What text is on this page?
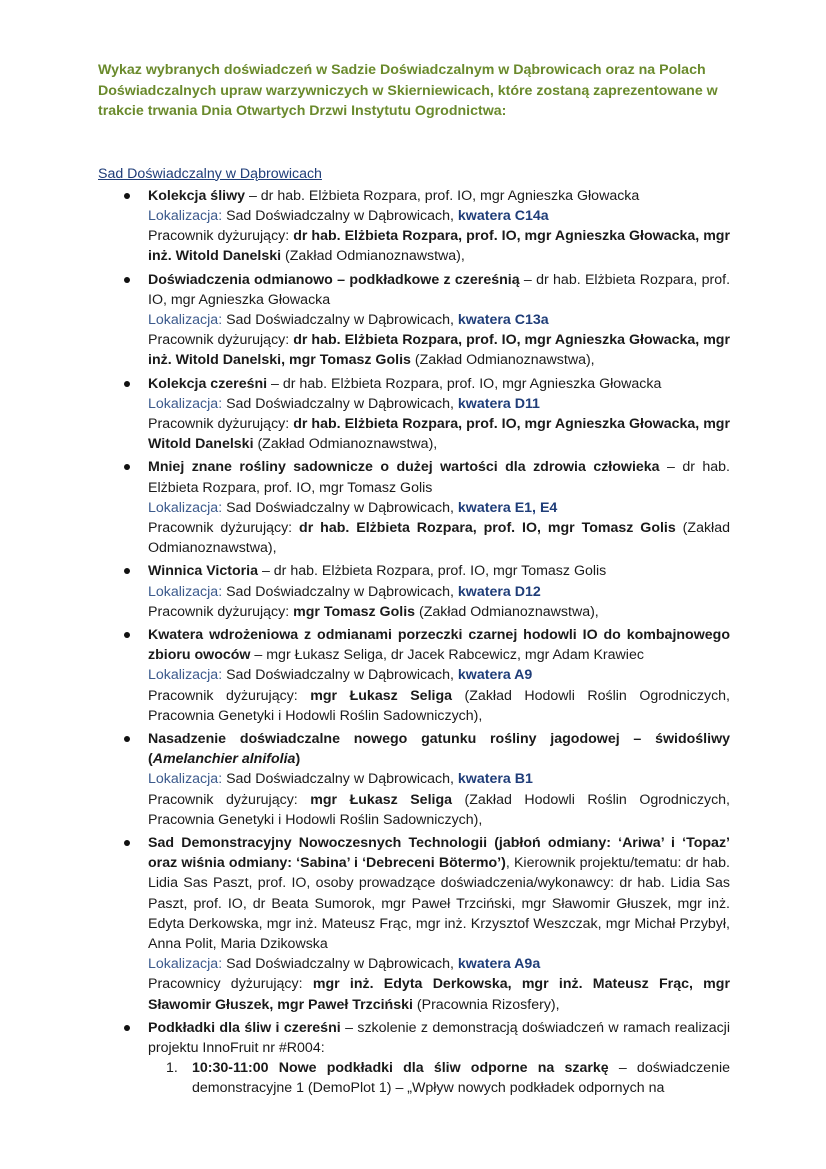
Wykaz wybranych doświadczeń w Sadzie Doświadczalnym w Dąbrowicach oraz na Polach Doświadczalnych upraw warzywniczych w Skierniewicach, które zostaną zaprezentowane w trakcie trwania Dnia Otwartych Drzwi Instytutu Ogrodnictwa:

Sad Doświadczalny w Dąbrowicach

Kolekcja śliwy – dr hab. Elżbieta Rozpara, prof. IO, mgr Agnieszka Głowacka
Lokalizacja: Sad Doświadczalny w Dąbrowicach, kwatera C14a
Pracownik dyżurujący: dr hab. Elżbieta Rozpara, prof. IO, mgr Agnieszka Głowacka, mgr inż. Witold Danelski (Zakład Odmianoznawstwa),
Doświadczenia odmianowo – podkładkowe z czereśnią – dr hab. Elżbieta Rozpara, prof. IO, mgr Agnieszka Głowacka
Lokalizacja: Sad Doświadczalny w Dąbrowicach, kwatera C13a
Pracownik dyżurujący: dr hab. Elżbieta Rozpara, prof. IO, mgr Agnieszka Głowacka, mgr inż. Witold Danelski, mgr Tomasz Golis (Zakład Odmianoznawstwa),
Kolekcja czereśni – dr hab. Elżbieta Rozpara, prof. IO, mgr Agnieszka Głowacka
Lokalizacja: Sad Doświadczalny w Dąbrowicach, kwatera D11
Pracownik dyżurujący: dr hab. Elżbieta Rozpara, prof. IO, mgr Agnieszka Głowacka, mgr Witold Danelski (Zakład Odmianoznawstwa),
Mniej znane rośliny sadownicze o dużej wartości dla zdrowia człowieka – dr hab. Elżbieta Rozpara, prof. IO, mgr Tomasz Golis
Lokalizacja: Sad Doświadczalny w Dąbrowicach, kwatera E1, E4
Pracownik dyżurujący: dr hab. Elżbieta Rozpara, prof. IO, mgr Tomasz Golis (Zakład Odmianoznawstwa),
Winnica Victoria – dr hab. Elżbieta Rozpara, prof. IO, mgr Tomasz Golis
Lokalizacja: Sad Doświadczalny w Dąbrowicach, kwatera D12
Pracownik dyżurujący: mgr Tomasz Golis (Zakład Odmianoznawstwa),
Kwatera wdrożeniowa z odmianami porzeczki czarnej hodowli IO do kombajnowego zbioru owoców – mgr Łukasz Seliga, dr Jacek Rabcewicz, mgr Adam Krawiec
Lokalizacja: Sad Doświadczalny w Dąbrowicach, kwatera A9
Pracownik dyżurujący: mgr Łukasz Seliga (Zakład Hodowli Roślin Ogrodniczych, Pracownia Genetyki i Hodowli Roślin Sadowniczych),
Nasadzenie doświadczalne nowego gatunku rośliny jagodowej – świdośliwy (Amelanchier alnifolia)
Lokalizacja: Sad Doświadczalny w Dąbrowicach, kwatera B1
Pracownik dyżurujący: mgr Łukasz Seliga (Zakład Hodowli Roślin Ogrodniczych, Pracownia Genetyki i Hodowli Roślin Sadowniczych),
Sad Demonstracyjny Nowoczesnych Technologii (jabłoń odmiany: ‘Ariwa’ i ‘Topaz’ oraz wiśnia odmiany: ‘Sabina’ i ‘Debreceni Bötermo’), Kierownik projektu/tematu: dr hab. Lidia Sas Paszt, prof. IO, osoby prowadzące doświadczenia/wykonawcy: dr hab. Lidia Sas Paszt, prof. IO, dr Beata Sumorok, mgr Paweł Trzciński, mgr Sławomir Głuszek, mgr inż. Edyta Derkowska, mgr inż. Mateusz Frąc, mgr inż. Krzysztof Weszczak, mgr Michał Przybył, Anna Polit, Maria Dzikowska
Lokalizacja: Sad Doświadczalny w Dąbrowicach, kwatera A9a
Pracownicy dyżurujący: mgr inż. Edyta Derkowska, mgr inż. Mateusz Frąc, mgr Sławomir Głuszek, mgr Paweł Trzciński (Pracownia Rizosfery),
Podkładki dla śliw i czereśni – szkolenie z demonstracją doświadczeń w ramach realizacji projektu InnoFruit nr #R004:
1. 10:30-11:00 Nowe podkładki dla śliw odporne na szarkę – doświadczenie demonstracyjne 1 (DemoPlot 1) – „Wpływ nowych podkładek odpornych na
